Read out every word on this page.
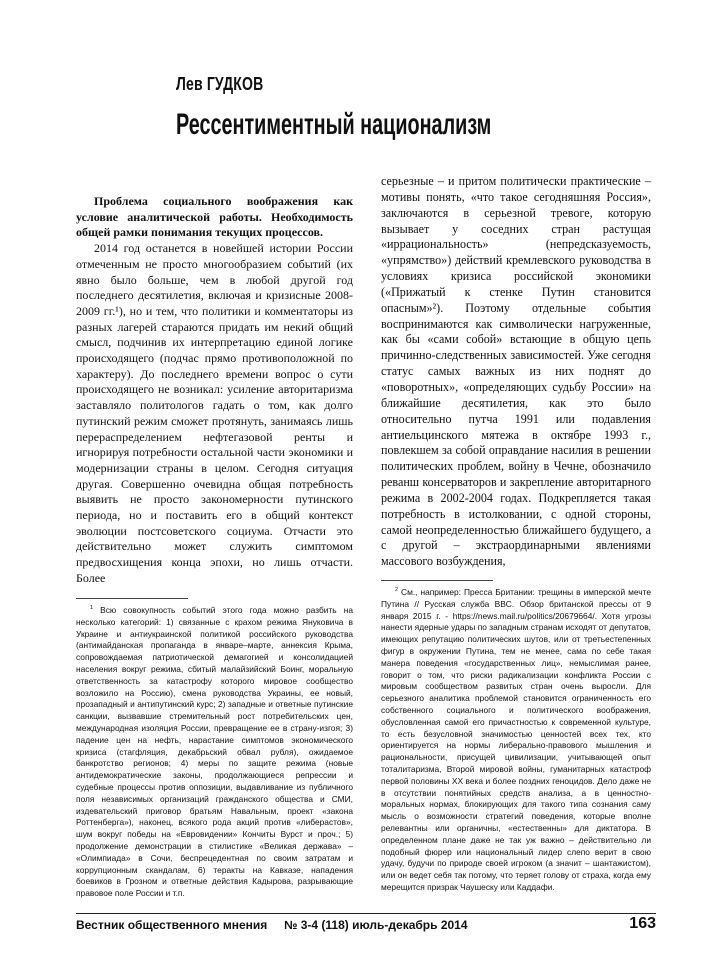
Лев ГУДКОВ
Рессентиментный национализм

Проблема социального воображения как условие аналитической работы. Необходимость общей рамки понимания текущих процессов.

2014 год останется в новейшей истории России отмеченным не просто многообразием событий (их явно было больше, чем в любой другой год последнего десятилетия, включая и кризисные 2008-2009 гг.¹), но и тем, что политики и комментаторы из разных лагерей стараются придать им некий общий смысл, подчинив их интерпретацию единой логике происходящего (подчас прямо противоположной по характеру). До последнего времени вопрос о сути происходящего не возникал: усиление авторитаризма заставляло политологов гадать о том, как долго путинский режим сможет протянуть, занимаясь лишь перераспределением нефтегазовой ренты и игнорируя потребности остальной части экономики и модернизации страны в целом. Сегодня ситуация другая. Совершенно очевидна общая потребность выявить не просто закономерности путинского периода, но и поставить его в общий контекст эволюции постсоветского социума. Отчасти это действительно может служить симптомом предвосхищения конца эпохи, но лишь отчасти. Более

серьезные – и притом политически практические – мотивы понять, «что такое сегодняшняя Россия», заключаются в серьезной тревоге, которую вызывает у соседних стран растущая «иррациональность» (непредсказуемость, «упрямство») действий кремлевского руководства в условиях кризиса российской экономики («Прижатый к стенке Путин становится опасным»²). Поэтому отдельные события воспринимаются как символически нагруженные, как бы «сами собой» встающие в общую цепь причинно-следственных зависимостей. Уже сегодня статус самых важных из них поднят до «поворотных», «определяющих судьбу России» на ближайшие десятилетия, как это было относительно путча 1991 или подавления антиельцинского мятежа в октябре 1993 г., повлекшем за собой оправдание насилия в решении политических проблем, войну в Чечне, обозначило реванш консерваторов и закрепление авторитарного режима в 2002-2004 годах. Подкрепляется такая потребность в истолковании, с одной стороны, самой неопределенностью ближайшего будущего, а с другой – экстраординарными явлениями массового возбуждения,

$^1$ Всю совокупность событий этого года можно разбить на несколько категорий: 1) связанные с крахом режима Януковича в Украине и антиукраинской политикой российского руководства (антимайданская пропаганда в январе–марте, аннексия Крыма, сопровождаемая патриотической демагогией и консолидацией населения вокруг режима, сбитый малайзийский Боинг, моральную ответственность за катастрофу которого мировое сообщество возложило на Россию), смена руководства Украины, ее новый, прозападный и антипутинский курс; 2) западные и ответные путинские санкции, вызвавшие стремительный рост потребительских цен, международная изоляция России, превращение ее в страну-изгоя; 3) падение цен на нефть, нарастание симптомов экономического кризиса (стагфляция, декабрьский обвал рубля), ожидаемое банкротство регионов; 4) меры по защите режима (новые антидемократические законы, продолжающиеся репрессии и судебные процессы против оппозиции, выдавливание из публичного поля независимых организаций гражданского общества и СМИ, издевательский приговор братьям Навальным, проект «закона Роттенберга»), наконец, всякого рода акций против «либерастов», шум вокруг победы на «Евровидении» Кончиты Вурст и проч.; 5) продолжение демонстрации в стилистике «Великая держава» – «Олимпиада» в Сочи, беспрецедентная по своим затратам и коррупционным скандалам, 6) теракты на Кавказе, нападения боевиков в Грозном и ответные действия Кадырова, разрывающие правовое поле России и т.п.

$^2$ См., например: Пресса Британии: трещины в имперской мечте Путина // Русская служба BBC. Обзор британской прессы от 9 января 2015 г. - https://news.mail.ru/politics/20679664/. Хотя угрозы нанести ядерные удары по западным странам исходят от депутатов, имеющих репутацию политических шутов, или от третьестепенных фигур в окружении Путина, тем не менее, сама по себе такая манера поведения «государственных лиц», немыслимая ранее, говорит о том, что риски радикализации конфликта России с мировым сообществом развитых стран очень выросли. Для серьезного аналитика проблемой становится ограниченность его собственного социального и политического воображения, обусловленная самой его причастностью к современной культуре, то есть безусловной значимостью ценностей всех тех, кто ориентируется на нормы либерально-правового мышления и рациональности, присущей цивилизации, учитывающей опыт тоталитаризма, Второй мировой войны, гуманитарных катастроф первой половины XX века и более поздних геноцидов. Дело даже не в отсутствии понятийных средств анализа, а в ценностно-моральных нормах, блокирующих для такого типа сознания саму мысль о возможности стратегий поведения, которые вполне релевантны или органичны, «естественны» для диктатора. В определенном плане даже не так уж важно – действительно ли подобный фюрер или национальный лидер слепо верит в свою удачу, будучи по природе своей игроком (а значит – шантажистом), или он ведет себя так потому, что теряет голову от страха, когда ему мерещится призрак Чаушеску или Каддафи.

Вестник общественного мнения № 3-4 (118) июль-декабрь 2014	163
